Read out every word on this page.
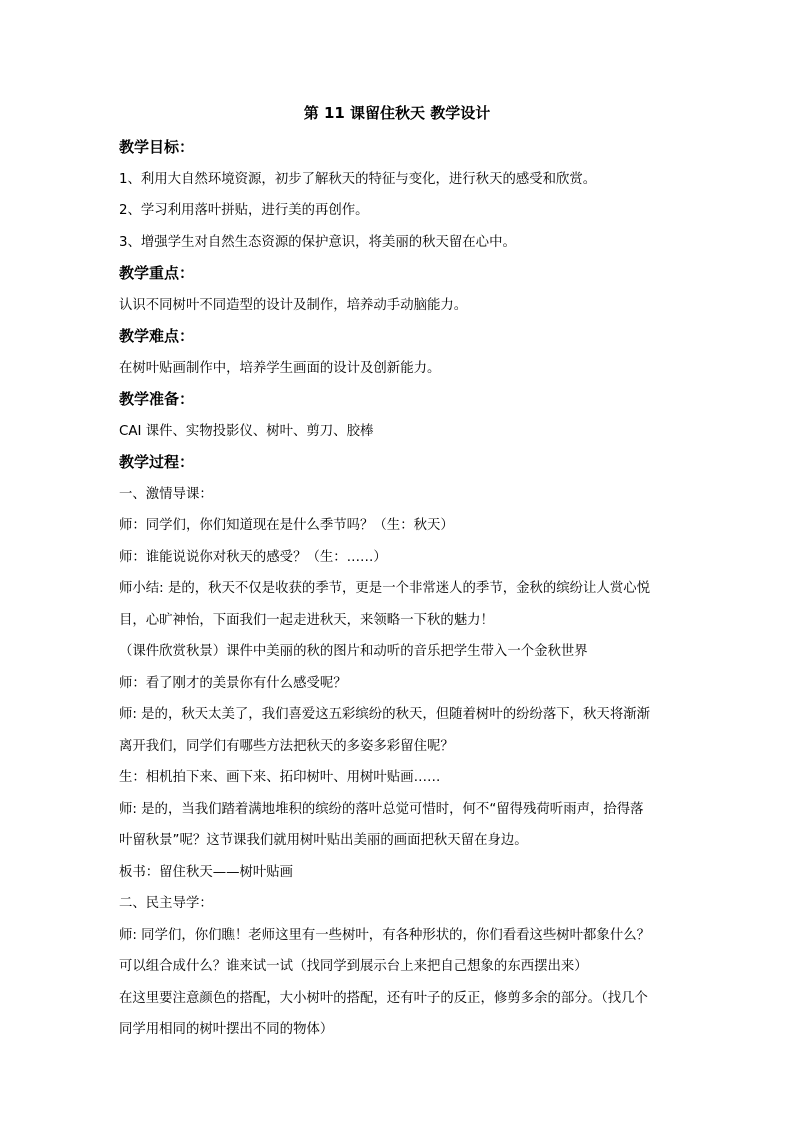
第 11 课留住秋天 教学设计
教学目标：
1、利用大自然环境资源，初步了解秋天的特征与变化，进行秋天的感受和欣赏。
2、学习利用落叶拼贴，进行美的再创作。
3、增强学生对自然生态资源的保护意识，将美丽的秋天留在心中。
教学重点：
认识不同树叶不同造型的设计及制作，培养动手动脑能力。
教学难点：
在树叶贴画制作中，培养学生画面的设计及创新能力。
教学准备：
CAI 课件、实物投影仪、树叶、剪刀、胶棒
教学过程：
一、激情导课：
师：同学们，你们知道现在是什么季节吗？（生：秋天）
师：谁能说说你对秋天的感受？（生：……）
师小结: 是的，秋天不仅是收获的季节，更是一个非常迷人的季节，金秋的缤纷让人赏心悦
目，心旷神怡，下面我们一起走进秋天，来领略一下秋的魅力！
（课件欣赏秋景）课件中美丽的秋的图片和动听的音乐把学生带入一个金秋世界
师：看了刚才的美景你有什么感受呢？
师: 是的，秋天太美了，我们喜爱这五彩缤纷的秋天，但随着树叶的纷纷落下，秋天将渐渐
离开我们，同学们有哪些方法把秋天的多姿多彩留住呢？
生：相机拍下来、画下来、拓印树叶、用树叶贴画……
师: 是的，当我们踏着满地堆积的缤纷的落叶总觉可惜时，何不“留得残荷听雨声，拾得落
叶留秋景”呢？这节课我们就用树叶贴出美丽的画面把秋天留在身边。
板书：留住秋天——树叶贴画
二、民主导学：
师: 同学们，你们瞧！老师这里有一些树叶，有各种形状的，你们看看这些树叶都象什么？
可以组合成什么？谁来试一试（找同学到展示台上来把自己想象的东西摆出来）
在这里要注意颜色的搭配，大小树叶的搭配，还有叶子的反正，修剪多余的部分。（找几个
同学用相同的树叶摆出不同的物体）
